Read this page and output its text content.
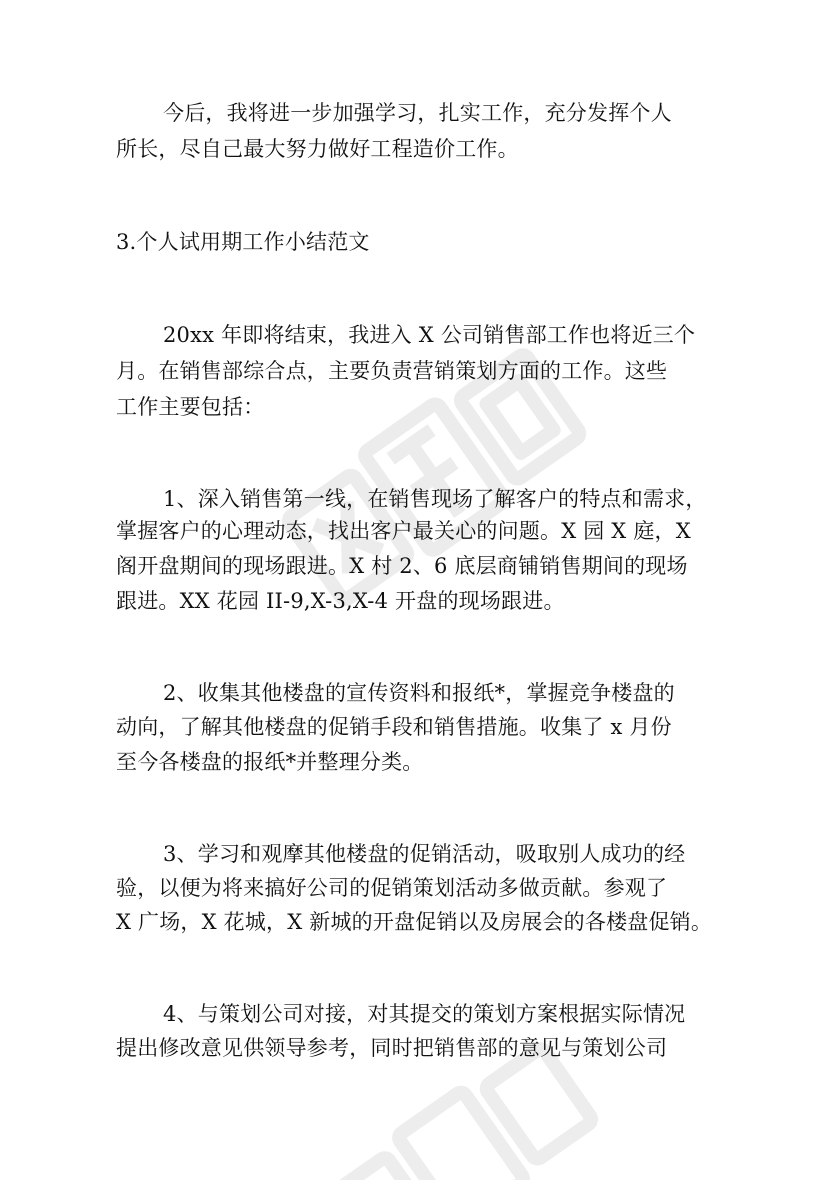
今后，我将进一步加强学习，扎实工作，充分发挥个人
所长，尽自己最大努力做好工程造价工作。
3.个人试用期工作小结范文
20xx 年即将结束，我进入 X 公司销售部工作也将近三个
月。在销售部综合点，主要负责营销策划方面的工作。这些
工作主要包括：
1、深入销售第一线，在销售现场了解客户的特点和需求，
掌握客户的心理动态，找出客户最关心的问题。X 园 X 庭，X
阁开盘期间的现场跟进。X 村 2、6 底层商铺销售期间的现场
跟进。XX 花园 II-9,X-3,X-4 开盘的现场跟进。
2、收集其他楼盘的宣传资料和报纸*，掌握竞争楼盘的
动向，了解其他楼盘的促销手段和销售措施。收集了 x 月份
至今各楼盘的报纸*并整理分类。
3、学习和观摩其他楼盘的促销活动，吸取别人成功的经
验，以便为将来搞好公司的促销策划活动多做贡献。参观了
X 广场，X 花城，X 新城的开盘促销以及房展会的各楼盘促销。
4、与策划公司对接，对其提交的策划方案根据实际情况
提出修改意见供领导参考，同时把销售部的意见与策划公司
